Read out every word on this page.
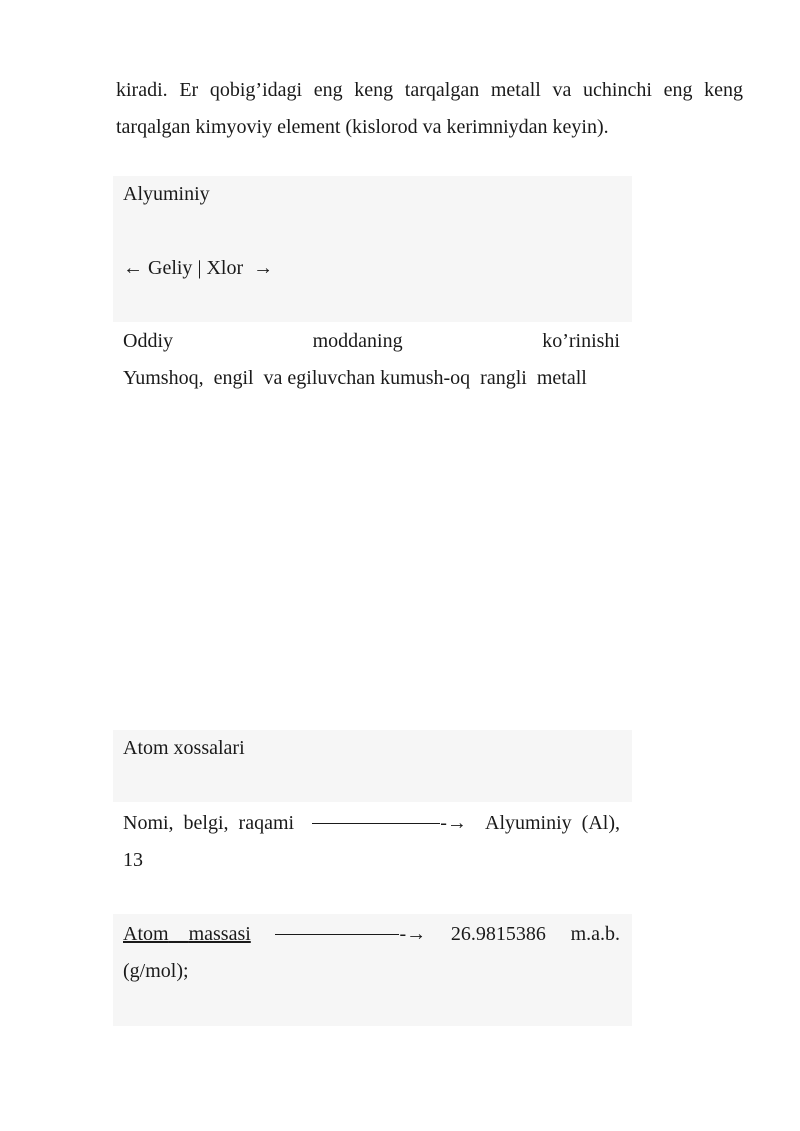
kiradi. Er qobig’idagi eng keng tarqalgan metall va uchinchi eng keng
tarqalgan kimyoviy element (kislorod va kerimniydan keyin).
Alyuminiy
← Geliy | Xlor →
Oddiy	moddaning	ko’rinishi
Yumshoq,  engil  va egiluvchan kumush-oq  rangli  metall
Atom xossalari
Nomi,  belgi,  raqami	-→ Alyuminiy  (Al),
13
Atom massasi	-→ 26.9815386 m.a.b.
(g/mol);
